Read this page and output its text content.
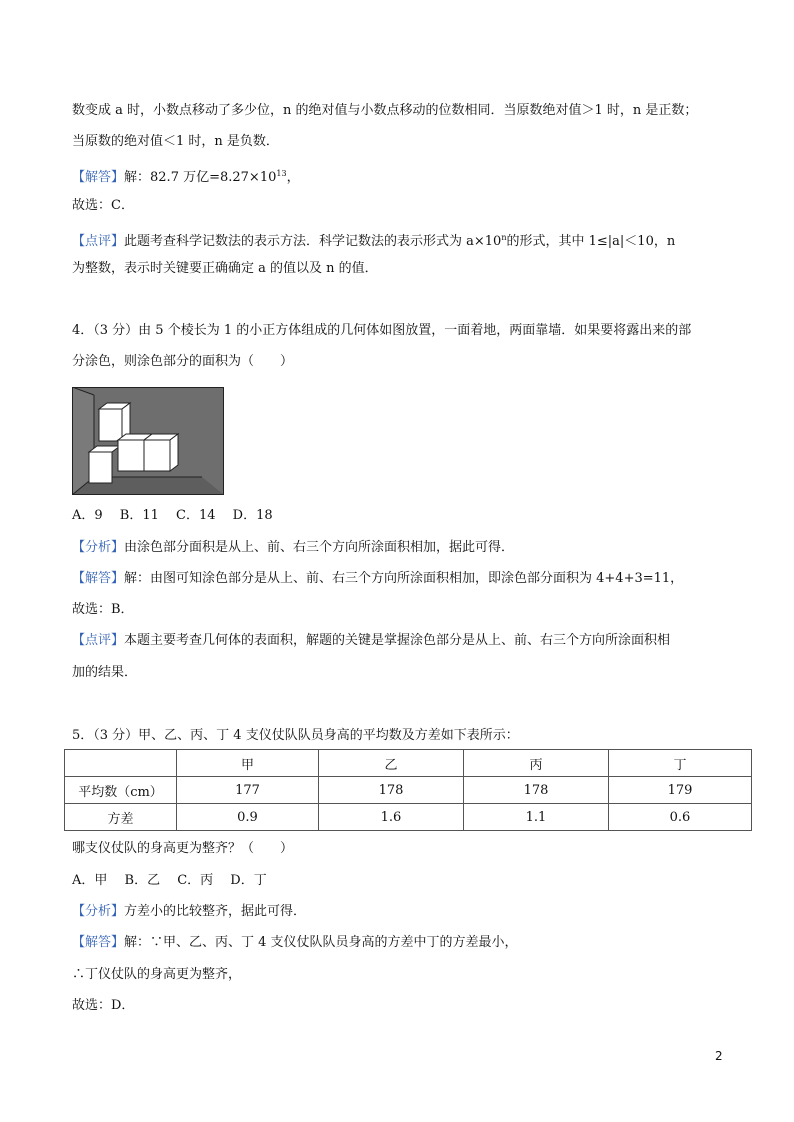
数变成 a 时，小数点移动了多少位，n 的绝对值与小数点移动的位数相同．当原数绝对值＞1 时，n 是正数；
当原数的绝对值＜1 时，n 是负数．
【解答】解：82.7 万亿$=8.27\times 10^{13}$，
故选：C．
【点评】此题考查科学记数法的表示方法．科学记数法的表示形式为 $a\times 10^n$的形式，其中 1≤|a|＜10，n
为整数，表示时关键要正确确定 a 的值以及 n 的值．
4．（3 分）由 5 个棱长为 1 的小正方体组成的几何体如图放置，一面着地，两面靠墙．如果要将露出来的部
分涂色，则涂色部分的面积为（　　）
A．9　 B．11　 C．14　 D．18
【分析】由涂色部分面积是从上、前、右三个方向所涂面积相加，据此可得．
【解答】解：由图可知涂色部分是从上、前、右三个方向所涂面积相加，即涂色部分面积为 4+4+3=11，
故选：B．
【点评】本题主要考查几何体的表面积，解题的关键是掌握涂色部分是从上、前、右三个方向所涂面积相
加的结果．
5．（3 分）甲、乙、丙、丁 4 支仪仗队队员身高的平均数及方差如下表所示：
	甲	乙	丙	丁
平均数（cm）	177	178	178	179
方差	0.9	1.6	1.1	0.6
哪支仪仗队的身高更为整齐？（　　）
A．甲　 B．乙　 C．丙　 D．丁
【分析】方差小的比较整齐，据此可得．
【解答】解：∵甲、乙、丙、丁 4 支仪仗队队员身高的方差中丁的方差最小，
∴丁仪仗队的身高更为整齐，
故选：D．
2
